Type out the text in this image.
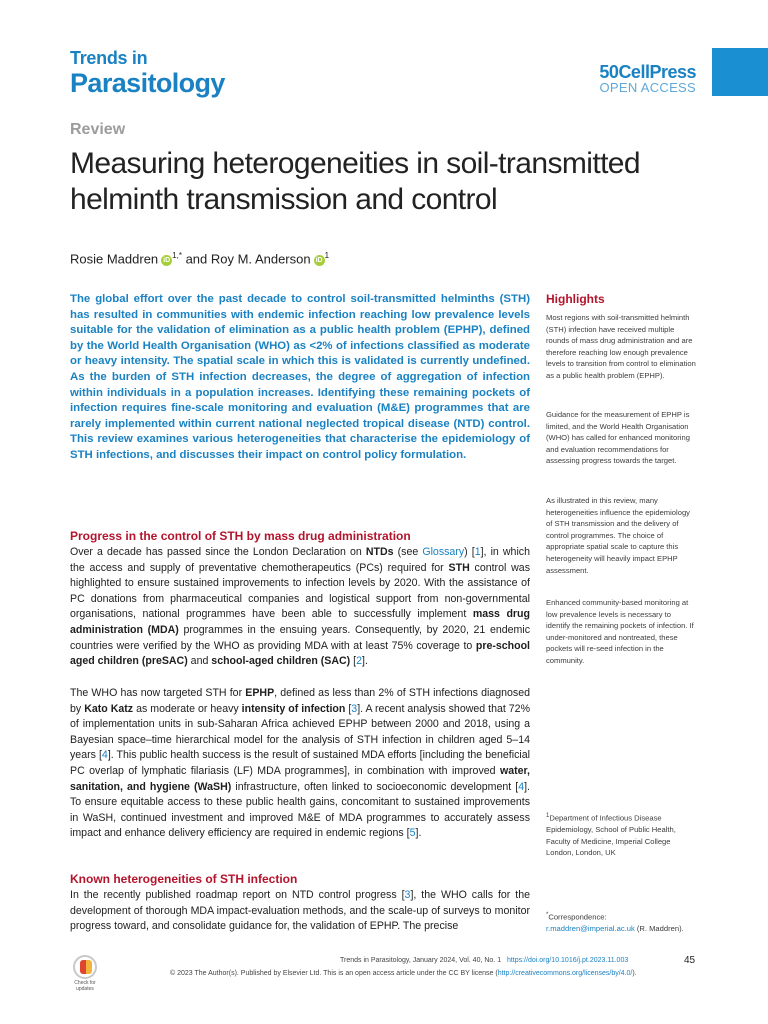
Trends in
Parasitology	50CellPress
OPEN ACCESS
Review
Measuring heterogeneities in soil-transmitted helminth transmission and control
Rosie Maddren $iD^{1,*}$ and Roy M. Anderson $iD^1$

The global effort over the past decade to control soil-transmitted helminths (STH) has resulted in communities with endemic infection reaching low prevalence levels suitable for the validation of elimination as a public health problem (EPHP), defined by the World Health Organisation (WHO) as <2% of infections classified as moderate or heavy intensity. The spatial scale in which this is validated is currently undefined. As the burden of STH infection decreases, the degree of aggregation of infection within individuals in a population increases. Identifying these remaining pockets of infection requires fine-scale monitoring and evaluation (M&E) programmes that are rarely implemented within current national neglected tropical disease (NTD) control. This review examines various heterogeneities that characterise the epidemiology of STH infections, and discusses their impact on control policy formulation.

Progress in the control of STH by mass drug administration

Over a decade has passed since the London Declaration on NTDs (see Glossary) [1], in which the access and supply of preventative chemotherapeutics (PCs) required for STH control was highlighted to ensure sustained improvements to infection levels by 2020. With the assistance of PC donations from pharmaceutical companies and logistical support from non-governmental organisations, national programmes have been able to successfully implement mass drug administration (MDA) programmes in the ensuing years. Consequently, by 2020, 21 endemic countries were verified by the WHO as providing MDA with at least 75% coverage to pre-school aged children (preSAC) and school-aged children (SAC) [2].

The WHO has now targeted STH for EPHP, defined as less than 2% of STH infections diagnosed by Kato Katz as moderate or heavy intensity of infection [3]. A recent analysis showed that 72% of implementation units in sub-Saharan Africa achieved EPHP between 2000 and 2018, using a Bayesian space–time hierarchical model for the analysis of STH infection in children aged 5–14 years [4]. This public health success is the result of sustained MDA efforts [including the beneficial PC overlap of lymphatic filariasis (LF) MDA programmes], in combination with improved water, sanitation, and hygiene (WaSH) infrastructure, often linked to socioeconomic development [4]. To ensure equitable access to these public health gains, concomitant to sustained improvements in WaSH, continued investment and improved M&E of MDA programmes to accurately assess impact and enhance delivery efficiency are required in endemic regions [5].

Known heterogeneities of STH infection

In the recently published roadmap report on NTD control progress [3], the WHO calls for the development of thorough MDA impact-evaluation methods, and the scale-up of surveys to monitor progress toward, and consolidate guidance for, the validation of EPHP. The precise

Highlights

Most regions with soil-transmitted helminth (STH) infection have received multiple rounds of mass drug administration and are therefore reaching low enough prevalence levels to transition from control to elimination as a public health problem (EPHP).

Guidance for the measurement of EPHP is limited, and the World Health Organisation (WHO) has called for enhanced monitoring and evaluation recommendations for assessing progress towards the target.

As illustrated in this review, many heterogeneities influence the epidemiology of STH transmission and the delivery of control programmes. The choice of appropriate spatial scale to capture this heterogeneity will heavily impact EPHP assessment.

Enhanced community-based monitoring at low prevalence levels is necessary to identify the remaining pockets of infection. If under-monitored and nontreated, these pockets will re-seed infection in the community.

$^1$Department of Infectious Disease Epidemiology, School of Public Health, Faculty of Medicine, Imperial College London, London, UK

*Correspondence:
r.maddren@imperial.ac.uk (R. Maddren).

Check for updates
Trends in Parasitology, January 2024, Vol. 40, No. 1 https://doi.org/10.1016/j.pt.2023.11.003	45
© 2023 The Author(s). Published by Elsevier Ltd. This is an open access article under the CC BY license (http://creativecommons.org/licenses/by/4.0/).
